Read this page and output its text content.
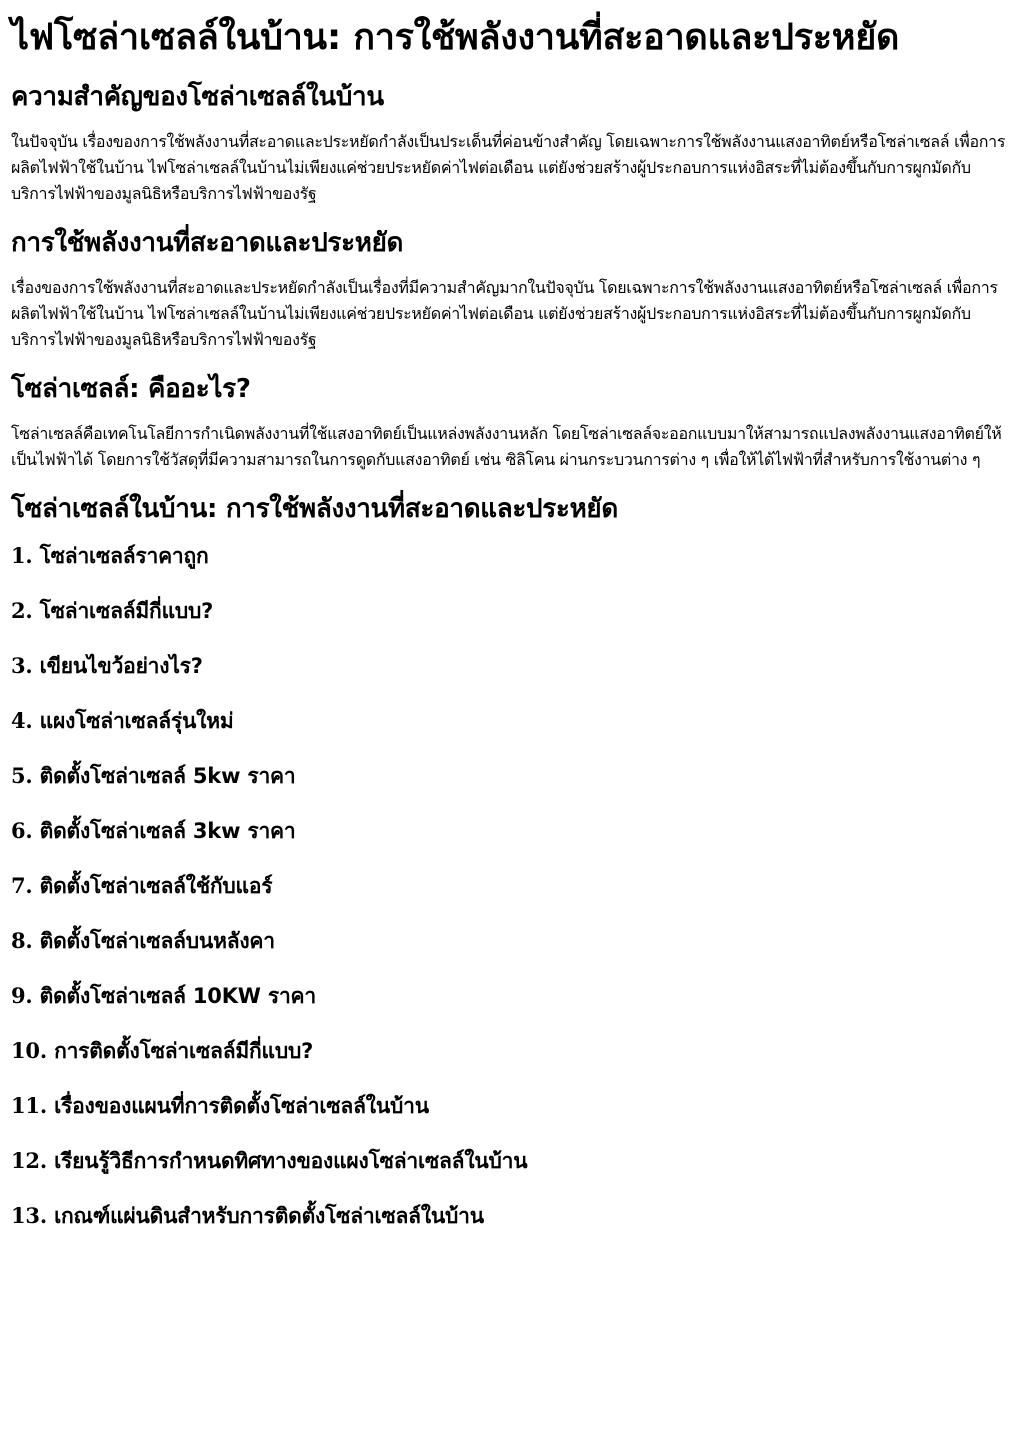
ไฟโซล่าเซลล์ในบ้าน: การใช้พลังงานที่สะอาดและประหยัด
ความสำคัญของโซล่าเซลล์ในบ้าน

ในปัจจุบัน เรื่องของการใช้พลังงานที่สะอาดและประหยัดกำลังเป็นประเด็นที่ค่อนข้างสำคัญ โดยเฉพาะการใช้พลังงานแสงอาทิตย์หรือโซล่าเซลล์ เพื่อการผลิตไฟฟ้าใช้ในบ้าน ไฟโซล่าเซลล์ในบ้านไม่เพียงแค่ช่วยประหยัดค่าไฟต่อเดือน แต่ยังช่วยสร้างผู้ประกอบการแห่งอิสระที่ไม่ต้องขึ้นกับการผูกมัดกับบริการไฟฟ้าของมูลนิธิหรือบริการไฟฟ้าของรัฐ

การใช้พลังงานที่สะอาดและประหยัด

เรื่องของการใช้พลังงานที่สะอาดและประหยัดกำลังเป็นเรื่องที่มีความสำคัญมากในปัจจุบัน โดยเฉพาะการใช้พลังงานแสงอาทิตย์หรือโซล่าเซลล์ เพื่อการผลิตไฟฟ้าใช้ในบ้าน ไฟโซล่าเซลล์ในบ้านไม่เพียงแค่ช่วยประหยัดค่าไฟต่อเดือน แต่ยังช่วยสร้างผู้ประกอบการแห่งอิสระที่ไม่ต้องขึ้นกับการผูกมัดกับบริการไฟฟ้าของมูลนิธิหรือบริการไฟฟ้าของรัฐ

โซล่าเซลล์: คืออะไร?

โซล่าเซลล์คือเทคโนโลยีการกำเนิดพลังงานที่ใช้แสงอาทิตย์เป็นแหล่งพลังงานหลัก โดยโซล่าเซลล์จะออกแบบมาให้สามารถแปลงพลังงานแสงอาทิตย์ให้เป็นไฟฟ้าได้ โดยการใช้วัสดุที่มีความสามารถในการดูดกับแสงอาทิตย์ เช่น ซิลิโคน ผ่านกระบวนการต่าง ๆ เพื่อให้ได้ไฟฟ้าที่สำหรับการใช้งานต่าง ๆ

โซล่าเซลล์ในบ้าน: การใช้พลังงานที่สะอาดและประหยัด
1. โซล่าเซลล์ราคาถูก
2. โซล่าเซลล์มีกี่แบบ?
3. เขียนไขว้อย่างไร?
4. แผงโซล่าเซลล์รุ่นใหม่
5. ติดตั้งโซล่าเซลล์ 5kw ราคา
6. ติดตั้งโซล่าเซลล์ 3kw ราคา
7. ติดตั้งโซล่าเซลล์ใช้กับแอร์
8. ติดตั้งโซล่าเซลล์บนหลังคา
9. ติดตั้งโซล่าเซลล์ 10KW ราคา
10. การติดตั้งโซล่าเซลล์มีกี่แบบ?
11. เรื่องของแผนที่การติดตั้งโซล่าเซลล์ในบ้าน
12. เรียนรู้วิธีการกำหนดทิศทางของแผงโซล่าเซลล์ในบ้าน
13. เกณฑ์แผ่นดินสำหรับการติดตั้งโซล่าเซลล์ในบ้าน
